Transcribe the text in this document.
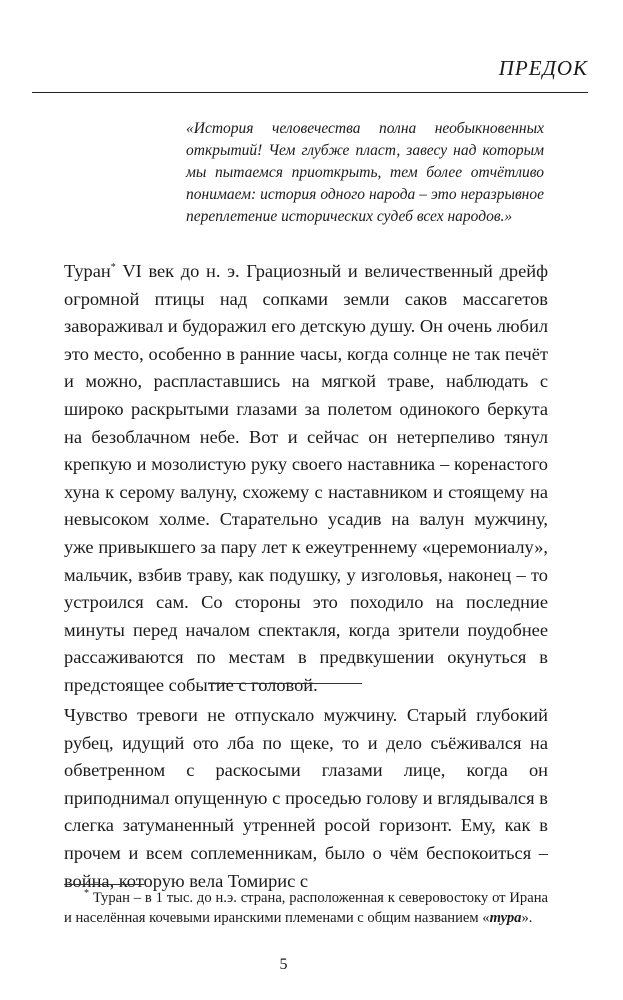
ПРЕДОК

«История человечества полна необыкновенных открытий! Чем глубже пласт, завесу над которым мы пытаемся приоткрыть, тем более отчётливо понимаем: история одного народа – это неразрывное переплетение исторических судеб всех народов.»

Туран* VI век до н. э. Грациозный и величественный дрейф огромной птицы над сопками земли саков массагетов завораживал и будоражил его детскую душу. Он очень любил это место, особенно в ранние часы, когда солнце не так печёт и можно, распластавшись на мягкой траве, наблюдать с широко раскрытыми глазами за полетом одинокого беркута на безоблачном небе. Вот и сейчас он нетерпеливо тянул крепкую и мозолистую руку своего наставника – коренастого хуна к серому валуну, схожему с наставником и стоящему на невысоком холме. Старательно усадив на валун мужчину, уже привыкшего за пару лет к ежеутреннему «церемониалу», мальчик, взбив траву, как подушку, у изголовья, наконец – то устроился сам. Со стороны это походило на последние минуты перед началом спектакля, когда зрители поудобнее рассаживаются по местам в предвкушении окунуться в предстоящее событие с головой.

Чувство тревоги не отпускало мужчину. Старый глубокий рубец, идущий ото лба по щеке, то и дело съёживался на обветренном с раскосыми глазами лице, когда он приподнимал опущенную с проседью голову и вглядывался в слегка затуманенный утренней росой горизонт. Ему, как в прочем и всем соплеменникам, было о чём беспокоиться – война, которую вела Томирис с

* Туран – в 1 тыс. до н.э. страна, расположенная к северовостоку от Ирана и населённая кочевыми иранскими племенами с общим названием «тура».

5
